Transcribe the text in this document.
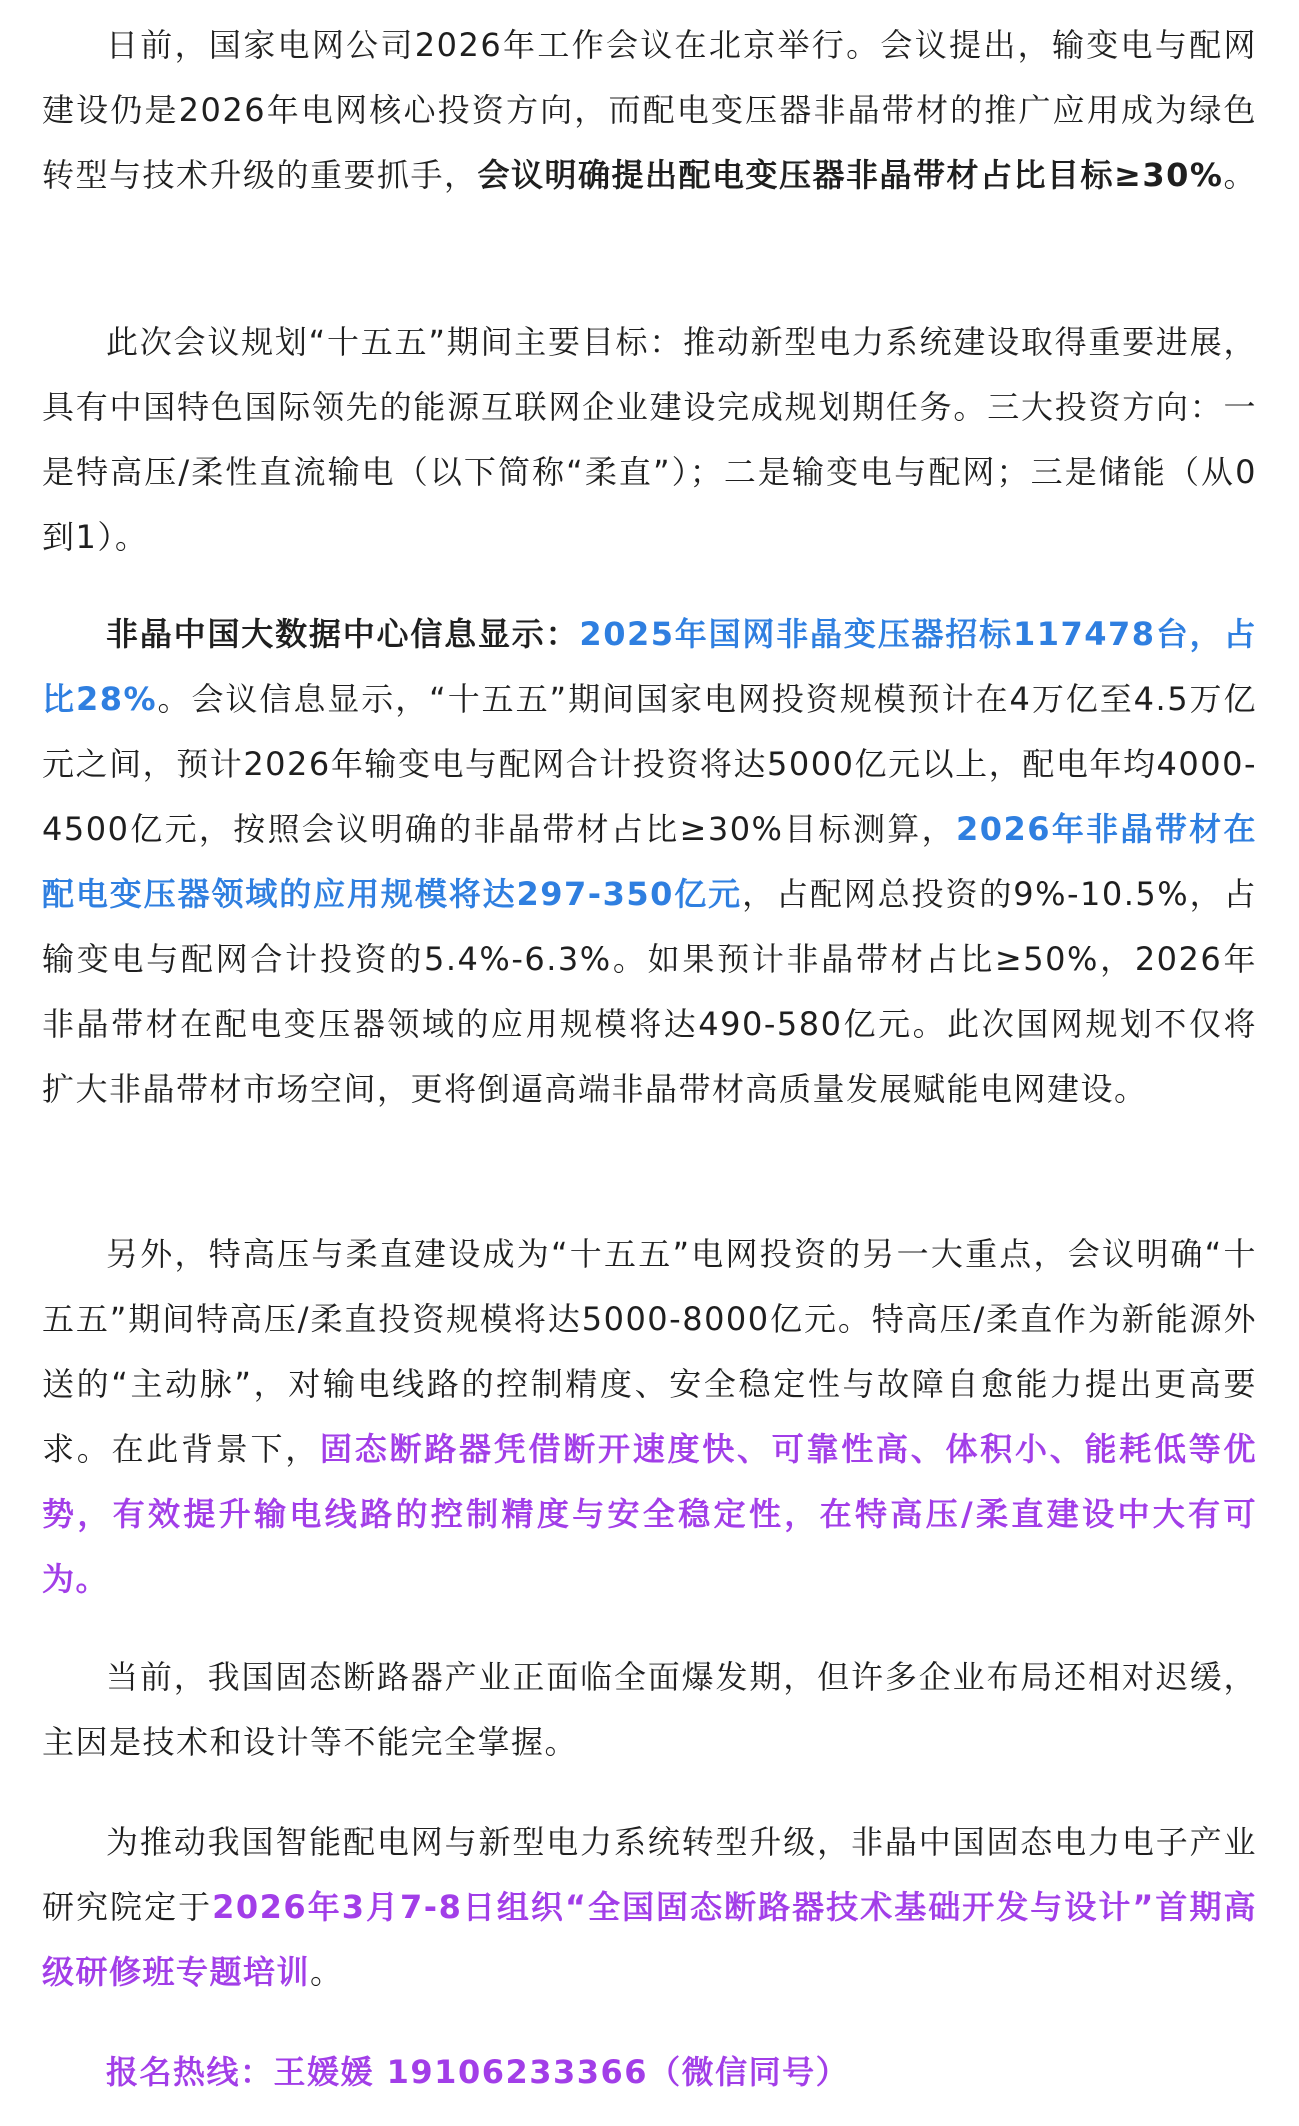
日前，国家电网公司2026年工作会议在北京举行。会议提出，输变电与配网建设仍是2026年电网核心投资方向，而配电变压器非晶带材的推广应用成为绿色转型与技术升级的重要抓手，会议明确提出配电变压器非晶带材占比目标≥30%。

此次会议规划“十五五”期间主要目标：推动新型电力系统建设取得重要进展，具有中国特色国际领先的能源互联网企业建设完成规划期任务。三大投资方向：一是特高压/柔性直流输电（以下简称“柔直”）；二是输变电与配网；三是储能（从0到1）。

非晶中国大数据中心信息显示：2025年国网非晶变压器招标117478台，占比28%。会议信息显示，“十五五”期间国家电网投资规模预计在4万亿至4.5万亿元之间，预计2026年输变电与配网合计投资将达5000亿元以上，配电年均4000-4500亿元，按照会议明确的非晶带材占比≥30%目标测算，2026年非晶带材在配电变压器领域的应用规模将达297-350亿元，占配网总投资的9%-10.5%，占输变电与配网合计投资的5.4%-6.3%。如果预计非晶带材占比≥50%，2026年非晶带材在配电变压器领域的应用规模将达490-580亿元。此次国网规划不仅将扩大非晶带材市场空间，更将倒逼高端非晶带材高质量发展赋能电网建设。

另外，特高压与柔直建设成为“十五五”电网投资的另一大重点，会议明确“十五五”期间特高压/柔直投资规模将达5000-8000亿元。特高压/柔直作为新能源外送的“主动脉”，对输电线路的控制精度、安全稳定性与故障自愈能力提出更高要求。在此背景下，固态断路器凭借断开速度快、可靠性高、体积小、能耗低等优势，有效提升输电线路的控制精度与安全稳定性，在特高压/柔直建设中大有可为。

当前，我国固态断路器产业正面临全面爆发期，但许多企业布局还相对迟缓，主因是技术和设计等不能完全掌握。

为推动我国智能配电网与新型电力系统转型升级，非晶中国固态电力电子产业研究院定于2026年3月7-8日组织“全国固态断路器技术基础开发与设计”首期高级研修班专题培训。

报名热线：王媛媛 19106233366（微信同号）
